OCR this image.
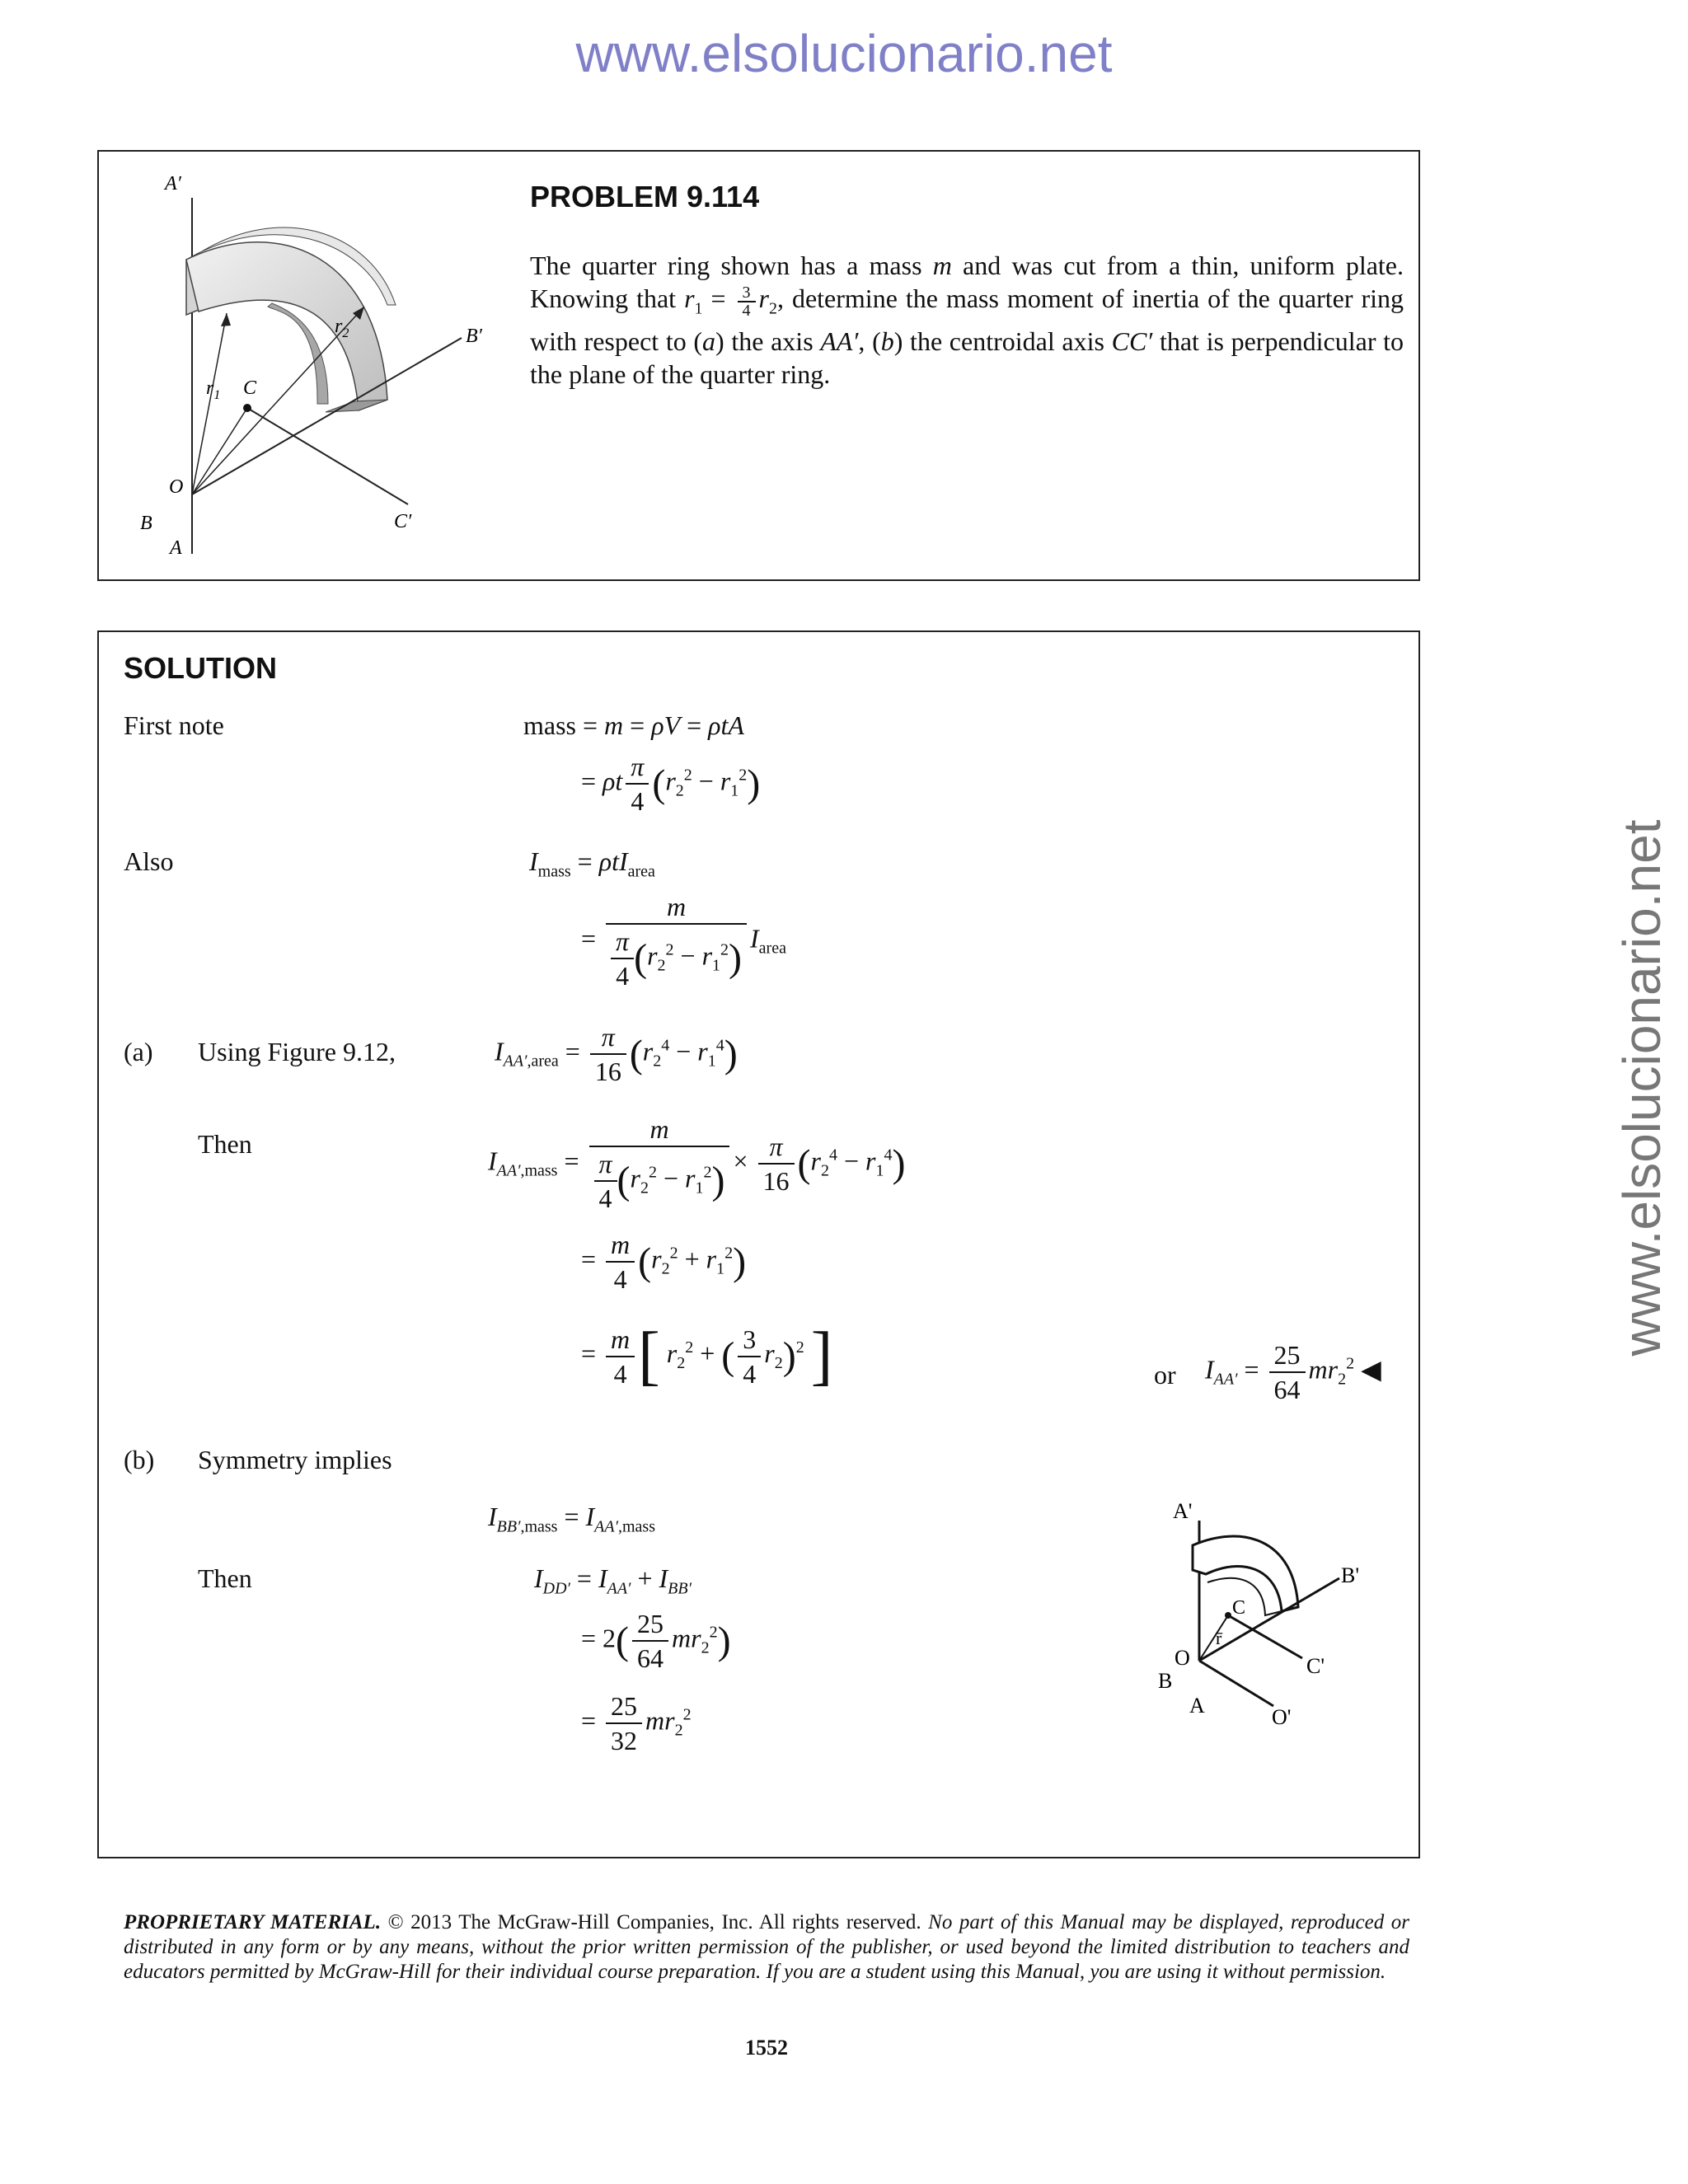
www.elsolucionario.net
www.elsolucionario.net
A′
B′
C′
C
O
B
A
$r_1$
$r_2$
PROBLEM 9.114
The quarter ring shown has a mass m and was cut from a thin, uniform plate. Knowing that $r_1 = \frac{3}{4} r_2$, determine the mass moment of inertia of the quarter ring with respect to (a) the axis AA′, (b) the centroidal axis CC′ that is perpendicular to the plane of the quarter ring.
SOLUTION
First note	mass = m = ρV = ρtA
= ρt $\frac{\pi}{4} (r_2^2 - r_1^2)$
Also	$I_{mass} = \rho tI_{area}$
= $\frac{m}{\frac{\pi}{4} (r_2^2 - r_1^2)} I_{area}$
(a) Using Figure 9.12,	$I_{AA',area} = \frac{\pi}{16} (r_2^4 - r_1^4)$
Then
$I_{AA',mass} = \frac{m}{\frac{\pi}{4} (r_2^2 - r_1^2)} \times \frac{\pi}{16} (r_2^4 - r_1^4)$
= $\frac{m}{4} (r_2^2 + r_1^2)$
= $\frac{m}{4}$ [ $r_2^2$ + ( $\frac{3}{4} r_2)^2$ ]	or $I_{AA'} = \frac{25}{64} mr_2^2$ ◀
(b) Symmetry implies
$I_{BB',mass} = I_{AA',mass}$
Then	$I_{DD'} = I_{AA'} + I_{BB'}$
= $2( \frac{25}{64} mr_2^2)$
= $\frac{25}{32} mr_2^2$
A'
B'
C'
C
r̄
O
B
A	O'
PROPRIETARY MATERIAL. © 2013 The McGraw-Hill Companies, Inc. All rights reserved. No part of this Manual may be displayed, reproduced or distributed in any form or by any means, without the prior written permission of the publisher, or used beyond the limited distribution to teachers and educators permitted by McGraw-Hill for their individual course preparation. If you are a student using this Manual, you are using it without permission.
1552
